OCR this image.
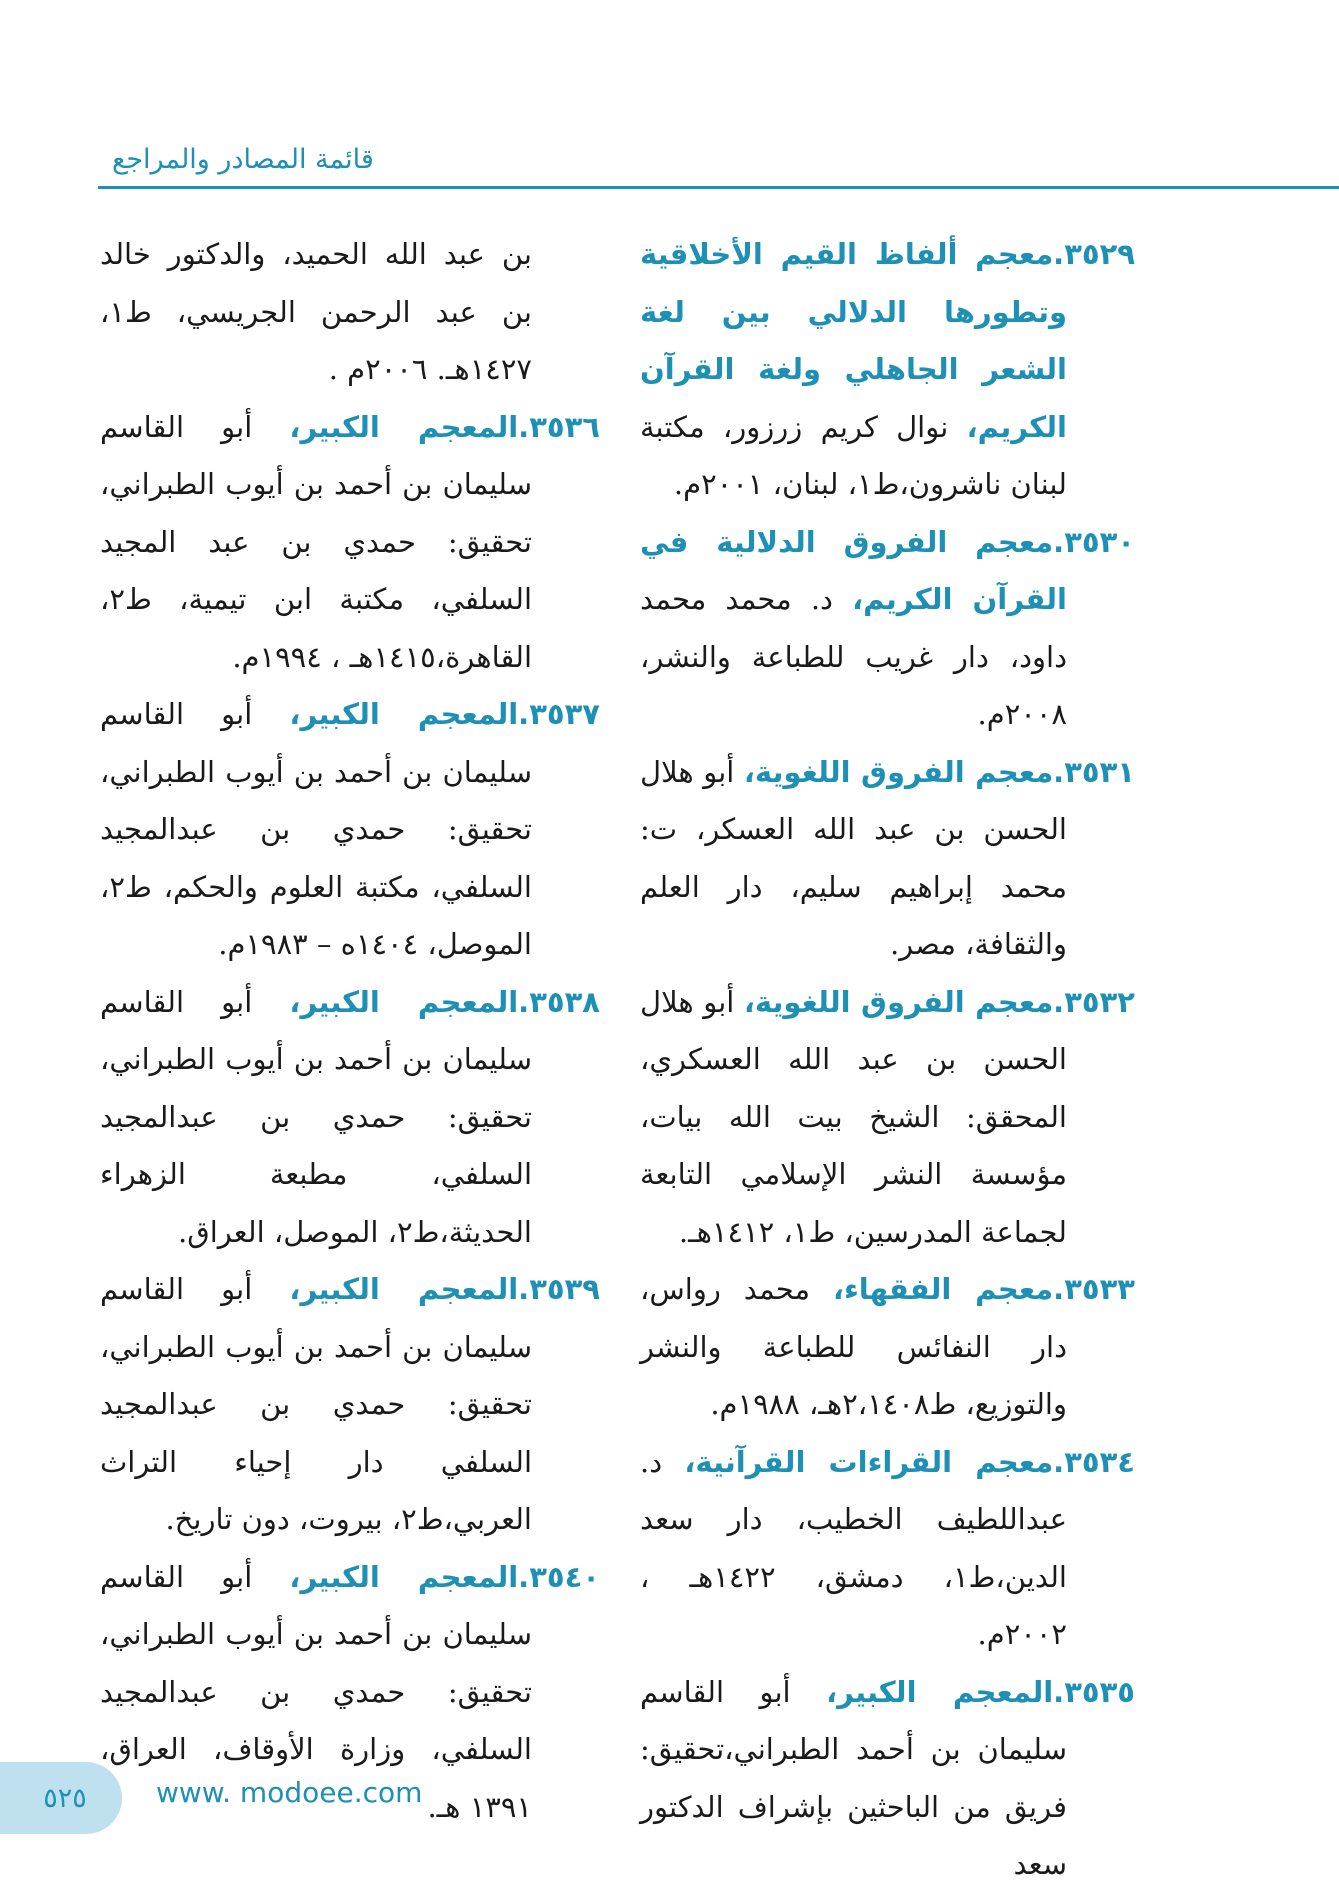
قائمة المصادر والمراجع

٣٥٢٩.معجم ألفاظ القيم الأخلاقية وتطورها الدلالي بين لغة الشعر الجاهلي ولغة القرآن الكريم، نوال كريم زرزور، مكتبة لبنان ناشرون،ط١، لبنان، ٢٠٠١م.

٣٥٣٠.معجم الفروق الدلالية في القرآن الكريم، د. محمد محمد داود، دار غريب للطباعة والنشر، ٢٠٠٨م.

٣٥٣١.معجم الفروق اللغوية، أبو هلال الحسن بن عبد الله العسكر، ت: محمد إبراهيم سليم، دار العلم والثقافة، مصر.

٣٥٣٢.معجم الفروق اللغوية، أبو هلال الحسن بن عبد الله العسكري، المحقق: الشيخ بيت الله بيات، مؤسسة النشر الإسلامي التابعة لجماعة المدرسين، ط١، ١٤١٢هـ.

٣٥٣٣.معجم الفقهاء، محمد رواس، دار النفائس للطباعة والنشر والتوزيع، ط٢،١٤٠٨هـ، ١٩٨٨م.

٣٥٣٤.معجم القراءات القرآنية، د. عبداللطيف الخطيب، دار سعد الدين،ط١، دمشق، ١٤٢٢هـ ، ٢٠٠٢م.

٣٥٣٥.المعجم الكبير، أبو القاسم سليمان بن أحمد الطبراني،تحقيق: فريق من الباحثين بإشراف الدكتور سعد

بن عبد الله الحميد، والدكتور خالد بن عبد الرحمن الجريسي، ط١، ١٤٢٧هـ. ٢٠٠٦م .

٣٥٣٦.المعجم الكبير، أبو القاسم سليمان بن أحمد بن أيوب الطبراني، تحقيق: حمدي بن عبد المجيد السلفي، مكتبة ابن تيمية، ط٢، القاهرة،١٤١٥هـ ، ١٩٩٤م.

٣٥٣٧.المعجم الكبير، أبو القاسم سليمان بن أحمد بن أيوب الطبراني، تحقيق: حمدي بن عبدالمجيد السلفي، مكتبة العلوم والحكم، ط٢، الموصل، ١٤٠٤ه – ١٩٨٣م.

٣٥٣٨.المعجم الكبير، أبو القاسم سليمان بن أحمد بن أيوب الطبراني، تحقيق: حمدي بن عبدالمجيد السلفي، مطبعة الزهراء الحديثة،ط٢، الموصل، العراق.

٣٥٣٩.المعجم الكبير، أبو القاسم سليمان بن أحمد بن أيوب الطبراني، تحقيق: حمدي بن عبدالمجيد السلفي دار إحياء التراث العربي،ط٢، بيروت، دون تاريخ.

٣٥٤٠.المعجم الكبير، أبو القاسم سليمان بن أحمد بن أيوب الطبراني، تحقيق: حمدي بن عبدالمجيد السلفي، وزارة الأوقاف، العراق، ١٣٩١ هـ.

٥٢٥ www. modoee.com
